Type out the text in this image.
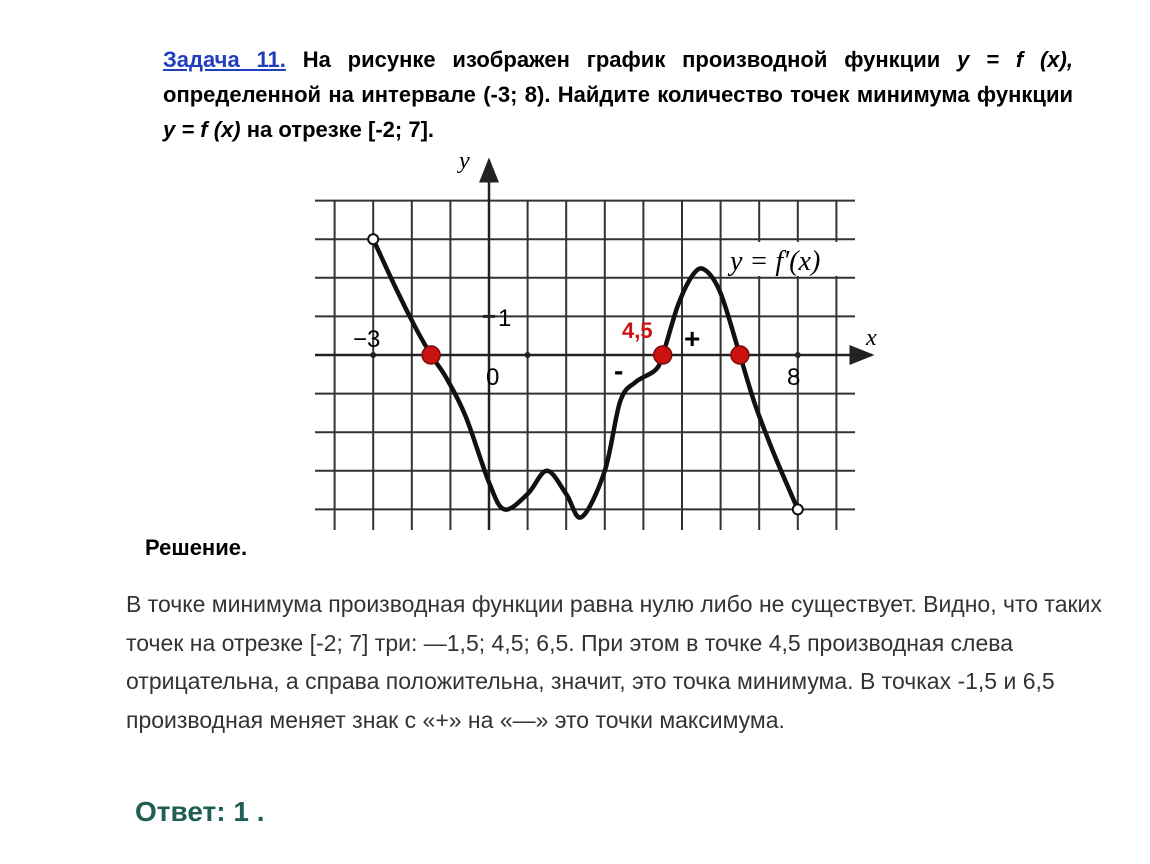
Задача 11. На рисунке изображен график производной функции y = f (x), определенной на интервале (-3; 8). Найдите количество точек минимума функции y = f (x) на отрезке [-2; 7].
x
y
−3
0
1
8
y = f′(x)
4,5 +
-
Решение.
В точке минимума производная функции равна нулю либо не существует. Видно, что таких точек на отрезке [-2; 7] три: —1,5; 4,5; 6,5. При этом в точке 4,5 производная слева отрицательна, а справа положительна, значит, это точка минимума. В точках -1,5 и 6,5 производная меняет знак с «+» на «—» это точки максимума.
Ответ: 1 .
